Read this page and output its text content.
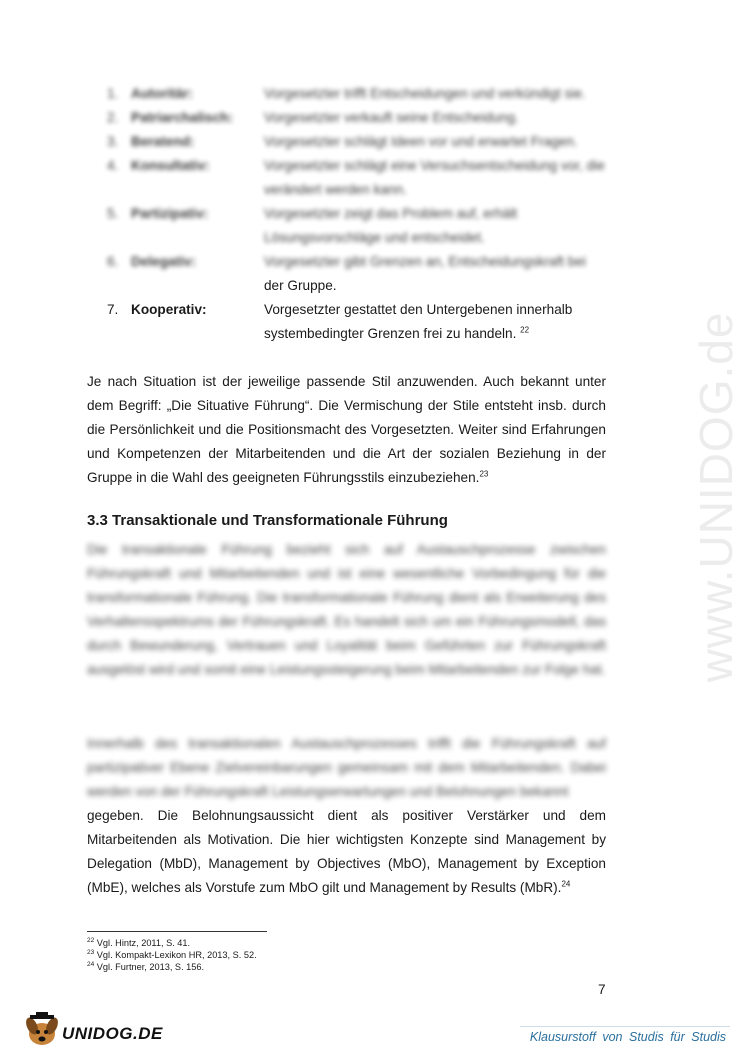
www.UNIDOG.de
1. Autoritär:	Vorgesetzter trifft Entscheidungen und verkündigt sie.
2. Patriarchalisch: Vorgesetzter verkauft seine Entscheidung.
3. Beratend:	Vorgesetzter schlägt Ideen vor und erwartet Fragen.
4. Konsultativ:	Vorgesetzter schlägt eine Versuchsentscheidung vor, die verändert werden kann.
5. Partizipativ:	Vorgesetzter zeigt das Problem auf, erhält Lösungsvorschläge und entscheidet.
6. Delegativ:	Vorgesetzter gibt Grenzen an, Entscheidungskraft bei
der Gruppe.
7. Kooperativ:	Vorgesetzter gestattet den Untergebenen innerhalb systembedingter Grenzen frei zu handeln. $^{22}$
Je nach Situation ist der jeweilige passende Stil anzuwenden. Auch bekannt unter dem Begriff: „Die Situative Führung“. Die Vermischung der Stile entsteht insb. durch die Persönlichkeit und die Positionsmacht des Vorgesetzten. Weiter sind Erfahrungen und Kompetenzen der Mitarbeitenden und die Art der sozialen Beziehung in der Gruppe in die Wahl des geeigneten Führungsstils einzubeziehen.$^{23}$
3.3 Transaktionale und Transformationale Führung
Die transaktionale Führung bezieht sich auf Austauschprozesse zwischen Führungskraft und Mitarbeitenden und ist eine wesentliche Vorbedingung für die transformationale Führung. Die transformationale Führung dient als Erweiterung des Verhaltensspektrums der Führungskraft. Es handelt sich um ein Führungsmodell, das durch Bewunderung, Vertrauen und Loyalität beim Geführten zur Führungskraft ausgelöst wird und somit eine Leistungssteigerung beim Mitarbeitenden zur Folge hat.
Innerhalb des transaktionalen Austauschprozesses trifft die Führungskraft auf partizipativer Ebene Zielvereinbarungen gemeinsam mit dem Mitarbeitenden. Dabei werden von der Führungskraft Leistungserwartungen und Belohnungen bekannt
gegeben. Die Belohnungsaussicht dient als positiver Verstärker und dem Mitarbeitenden als Motivation. Die hier wichtigsten Konzepte sind Management by Delegation (MbD), Management by Objectives (MbO), Management by Exception (MbE), welches als Vorstufe zum MbO gilt und Management by Results (MbR).$^{24}$
$^{22}$ Vgl. Hintz, 2011, S. 41.
$^{23}$ Vgl. Kompakt-Lexikon HR, 2013, S. 52.
$^{24}$ Vgl. Furtner, 2013, S. 156.
7
UNIDOG.DE	Klausurstoff von Studis für Studis
